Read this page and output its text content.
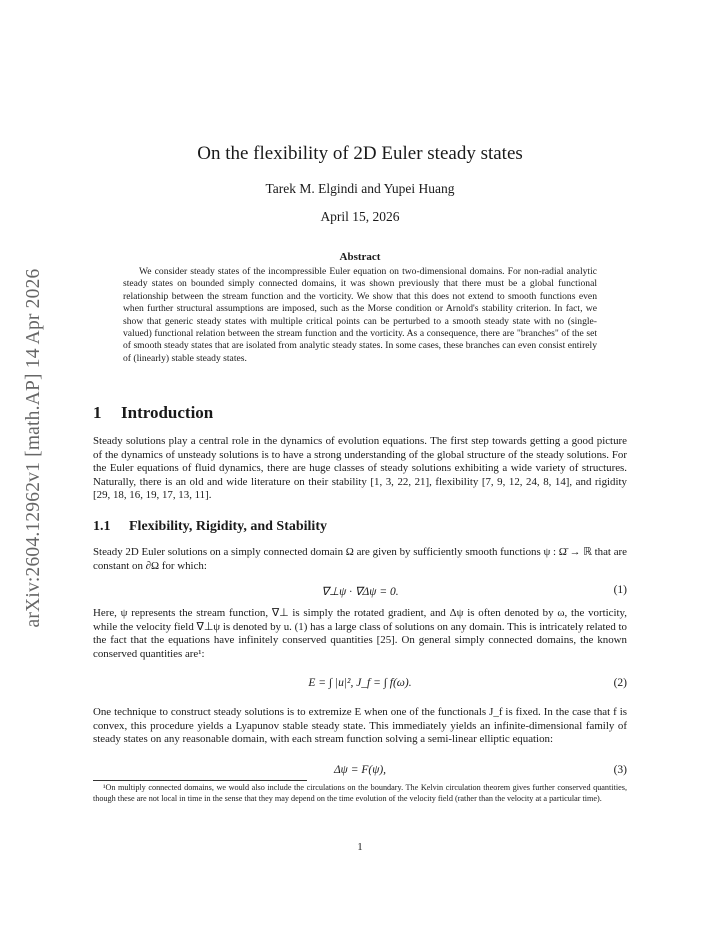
arXiv:2604.12962v1 [math.AP] 14 Apr 2026
On the flexibility of 2D Euler steady states
Tarek M. Elgindi and Yupei Huang
April 15, 2026
Abstract
We consider steady states of the incompressible Euler equation on two-dimensional domains. For non-radial analytic steady states on bounded simply connected domains, it was shown previously that there must be a global functional relationship between the stream function and the vorticity. We show that this does not extend to smooth functions even when further structural assumptions are imposed, such as the Morse condition or Arnold's stability criterion. In fact, we show that generic steady states with multiple critical points can be perturbed to a smooth steady state with no (single-valued) functional relation between the stream function and the vorticity. As a consequence, there are "branches" of the set of smooth steady states that are isolated from analytic steady states. In some cases, these branches can even consist entirely of (linearly) stable steady states.
1 Introduction
Steady solutions play a central role in the dynamics of evolution equations. The first step towards getting a good picture of the dynamics of unsteady solutions is to have a strong understanding of the global structure of the steady solutions. For the Euler equations of fluid dynamics, there are huge classes of steady solutions exhibiting a wide variety of structures. Naturally, there is an old and wide literature on their stability [1, 3, 22, 21], flexibility [7, 9, 12, 24, 8, 14], and rigidity [29, 18, 16, 19, 17, 13, 11].
1.1 Flexibility, Rigidity, and Stability
Steady 2D Euler solutions on a simply connected domain Ω are given by sufficiently smooth functions ψ : Ω̄ → ℝ that are constant on ∂Ω for which:
∇⊥ψ · ∇Δψ = 0.	(1)
Here, ψ represents the stream function, ∇⊥ is simply the rotated gradient, and Δψ is often denoted by ω, the vorticity, while the velocity field ∇⊥ψ is denoted by u. (1) has a large class of solutions on any domain. This is intricately related to the fact that the equations have infinitely conserved quantities [25]. On general simply connected domains, the known conserved quantities are¹:
E = ∫ |u|², J_f = ∫ f(ω).	(2)
One technique to construct steady solutions is to extremize E when one of the functionals J_f is fixed. In the case that f is convex, this procedure yields a Lyapunov stable steady state. This immediately yields an infinite-dimensional family of steady states on any reasonable domain, with each stream function solving a semi-linear elliptic equation:
Δψ = F(ψ),	(3)
¹On multiply connected domains, we would also include the circulations on the boundary. The Kelvin circulation theorem gives further conserved quantities, though these are not local in time in the sense that they may depend on the time evolution of the velocity field (rather than the velocity at a particular time).
1
